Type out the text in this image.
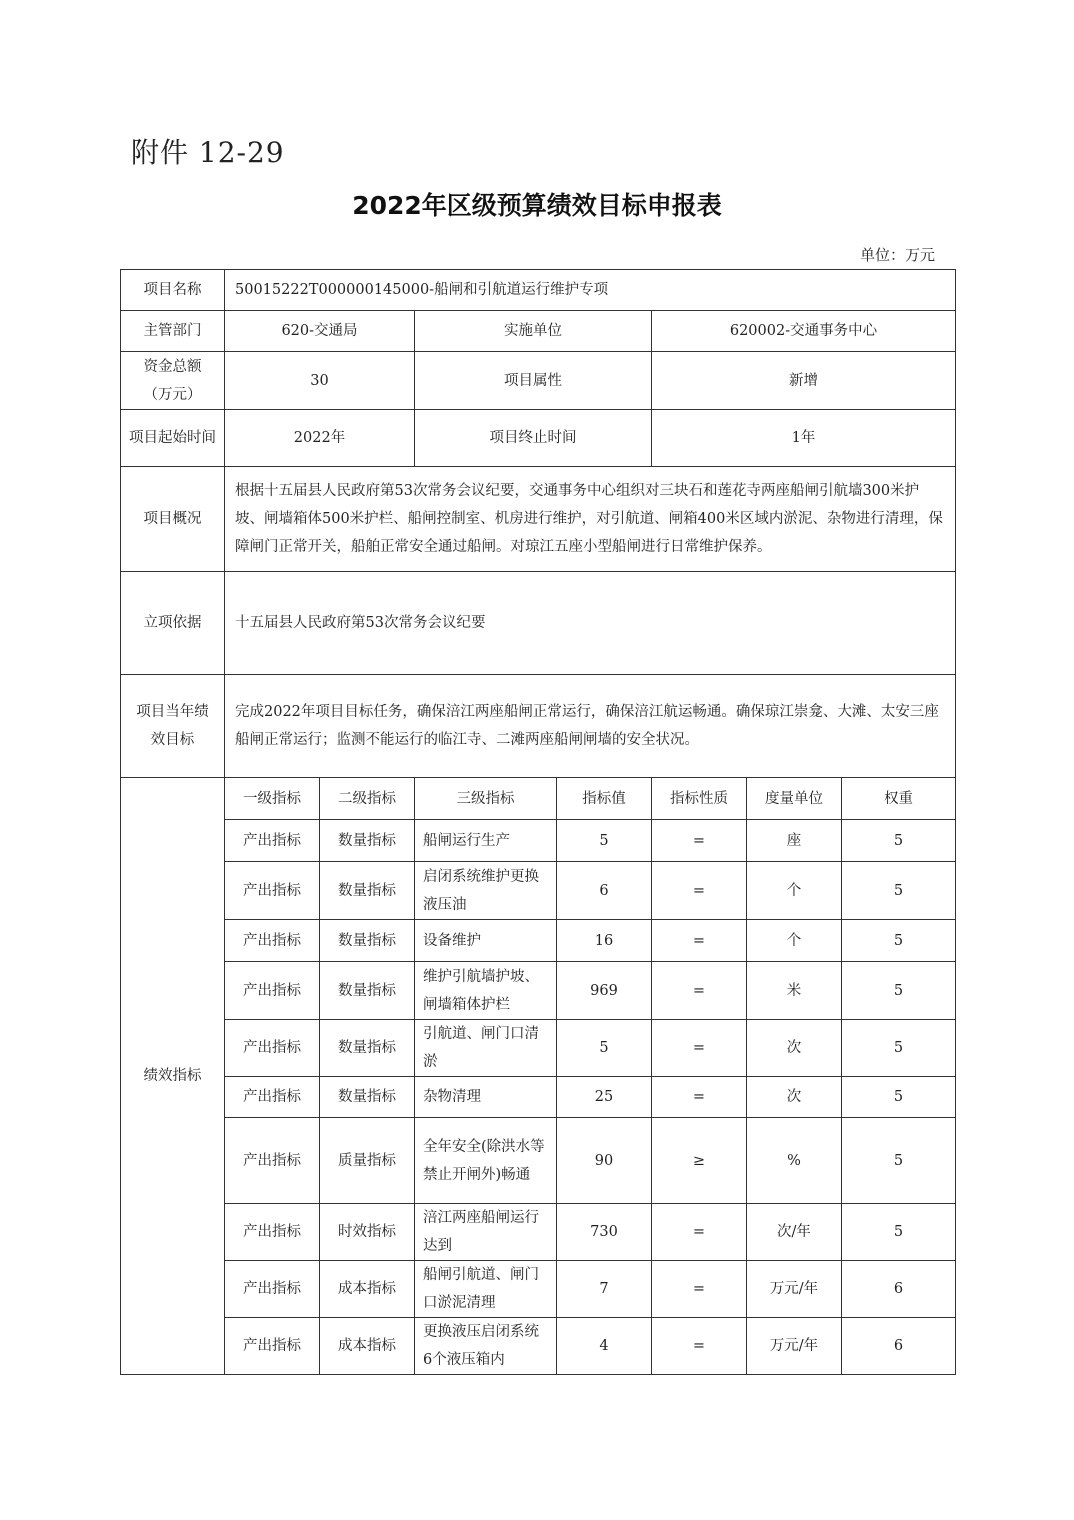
附件 12-29
2022年区级预算绩效目标申报表
单位：万元
项目名称	50015222T000000145000-船闸和引航道运行维护专项						
主管部门	620-交通局		实施单位		620002-交通事务中心		
资金总额（万元）	30		项目属性		新增		
项目起始时间	2022年		项目终止时间		1年		
项目概况	根据十五届县人民政府第53次常务会议纪要，交通事务中心组织对三块石和莲花寺两座船闸引航墙300米护坡、闸墙箱体500米护栏、船闸控制室、机房进行维护，对引航道、闸箱400米区域内淤泥、杂物进行清理，保障闸门正常开关，船舶正常安全通过船闸。对琼江五座小型船闸进行日常维护保养。						
立项依据	十五届县人民政府第53次常务会议纪要						
项目当年绩效目标	完成2022年项目目标任务，确保涪江两座船闸正常运行，确保涪江航运畅通。确保琼江崇龛、大滩、太安三座船闸正常运行；监测不能运行的临江寺、二滩两座船闸闸墙的安全状况。						
绩效指标	一级指标	二级指标	三级指标	指标值	指标性质	度量单位	权重
	产出指标	数量指标	船闸运行生产	5	=	座	5
	产出指标	数量指标	启闭系统维护更换液压油	6	=	个	5
	产出指标	数量指标	设备维护	16	=	个	5
	产出指标	数量指标	维护引航墙护坡、闸墙箱体护栏	969	=	米	5
	产出指标	数量指标	引航道、闸门口清淤	5	=	次	5
	产出指标	数量指标	杂物清理	25	=	次	5
	产出指标	质量指标	全年安全(除洪水等禁止开闸外)畅通	90	≥	%	5
	产出指标	时效指标	涪江两座船闸运行达到	730	=	次/年	5
	产出指标	成本指标	船闸引航道、闸门口淤泥清理	7	=	万元/年	6
	产出指标	成本指标	更换液压启闭系统6个液压箱内	4	=	万元/年	6
